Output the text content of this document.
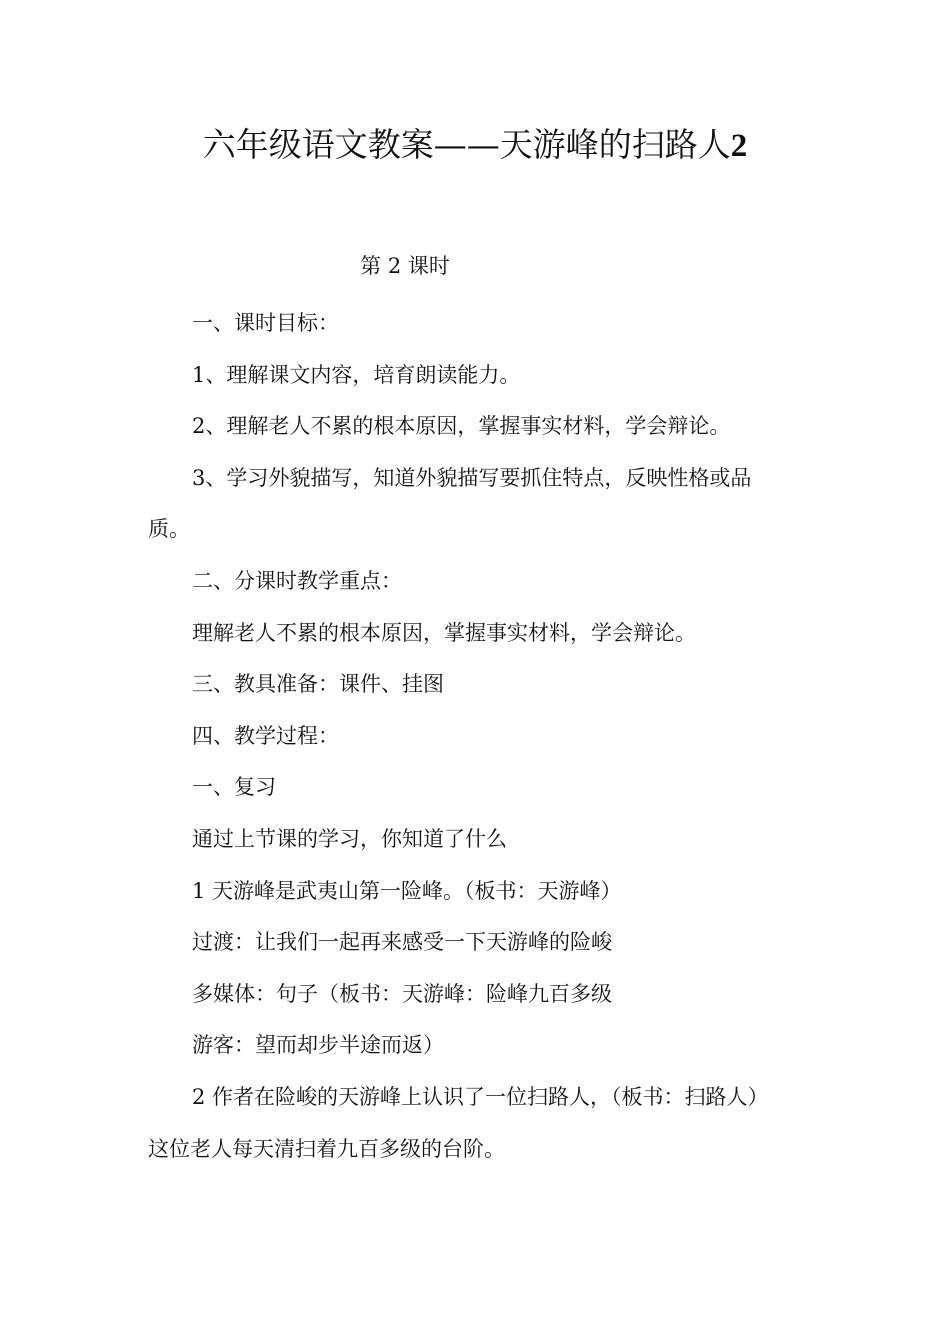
六年级语文教案——天游峰的扫路人2
第 2 课时

一、课时目标：

1、理解课文内容，培育朗读能力。

2、理解老人不累的根本原因，掌握事实材料，学会辩论。

3、学习外貌描写，知道外貌描写要抓住特点，反映性格或品质。

二、分课时教学重点：

理解老人不累的根本原因，掌握事实材料，学会辩论。

三、教具准备：课件、挂图

四、教学过程：

一、复习

通过上节课的学习，你知道了什么

1 天游峰是武夷山第一险峰。（板书：天游峰）

过渡：让我们一起再来感受一下天游峰的险峻

多媒体：句子（板书：天游峰：险峰九百多级

游客：望而却步半途而返）

2 作者在险峻的天游峰上认识了一位扫路人，（板书：扫路人）这位老人每天清扫着九百多级的台阶。
